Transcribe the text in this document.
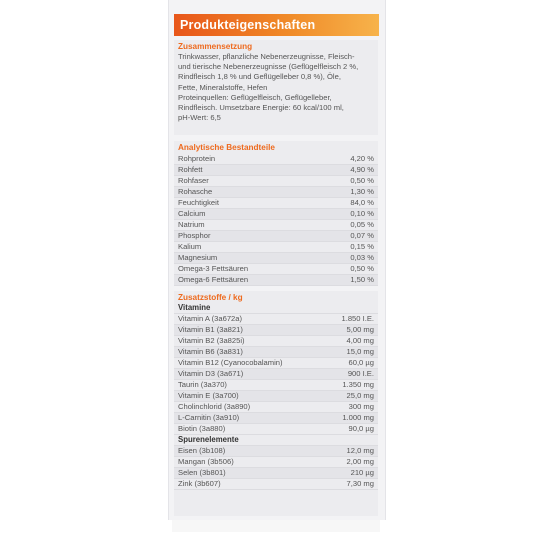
Produkteigenschaften
Zusammensetzung
Trinkwasser, pflanzliche Nebenerzeugnisse, Fleisch-
und tierische Nebenerzeugnisse (Geflügelfleisch 2 %,
Rindfleisch 1,8 % und Geflügelleber 0,8 %), Öle,
Fette, Mineralstoffe, Hefen
Proteinquellen: Geflügelfleisch, Geflügelleber,
Rindfleisch. Umsetzbare Energie: 60 kcal/100 ml,
pH-Wert: 6,5
Analytische Bestandteile
Rohprotein	4,20 %
Rohfett	4,90 %
Rohfaser	0,50 %
Rohasche	1,30 %
Feuchtigkeit	84,0 %
Calcium	0,10 %
Natrium	0,05 %
Phosphor	0,07 %
Kalium	0,15 %
Magnesium	0,03 %
Omega-3 Fettsäuren	0,50 %
Omega-6 Fettsäuren	1,50 %
Zusatzstoffe / kg
Vitamine
Vitamin A (3a672a)	1.850 I.E.
Vitamin B1 (3a821)	5,00 mg
Vitamin B2 (3a825i)	4,00 mg
Vitamin B6 (3a831)	15,0 mg
Vitamin B12 (Cyanocobalamin)	60,0 µg
Vitamin D3 (3a671)	900 I.E.
Taurin (3a370)	1.350 mg
Vitamin E (3a700)	25,0 mg
Cholinchlorid (3a890)	300 mg
L-Carnitin (3a910)	1.000 mg
Biotin (3a880)	90,0 µg
Spurenelemente
Eisen (3b108)	12,0 mg
Mangan (3b506)	2,00 mg
Selen (3b801)	210 µg
Zink (3b607)	7,30 mg
